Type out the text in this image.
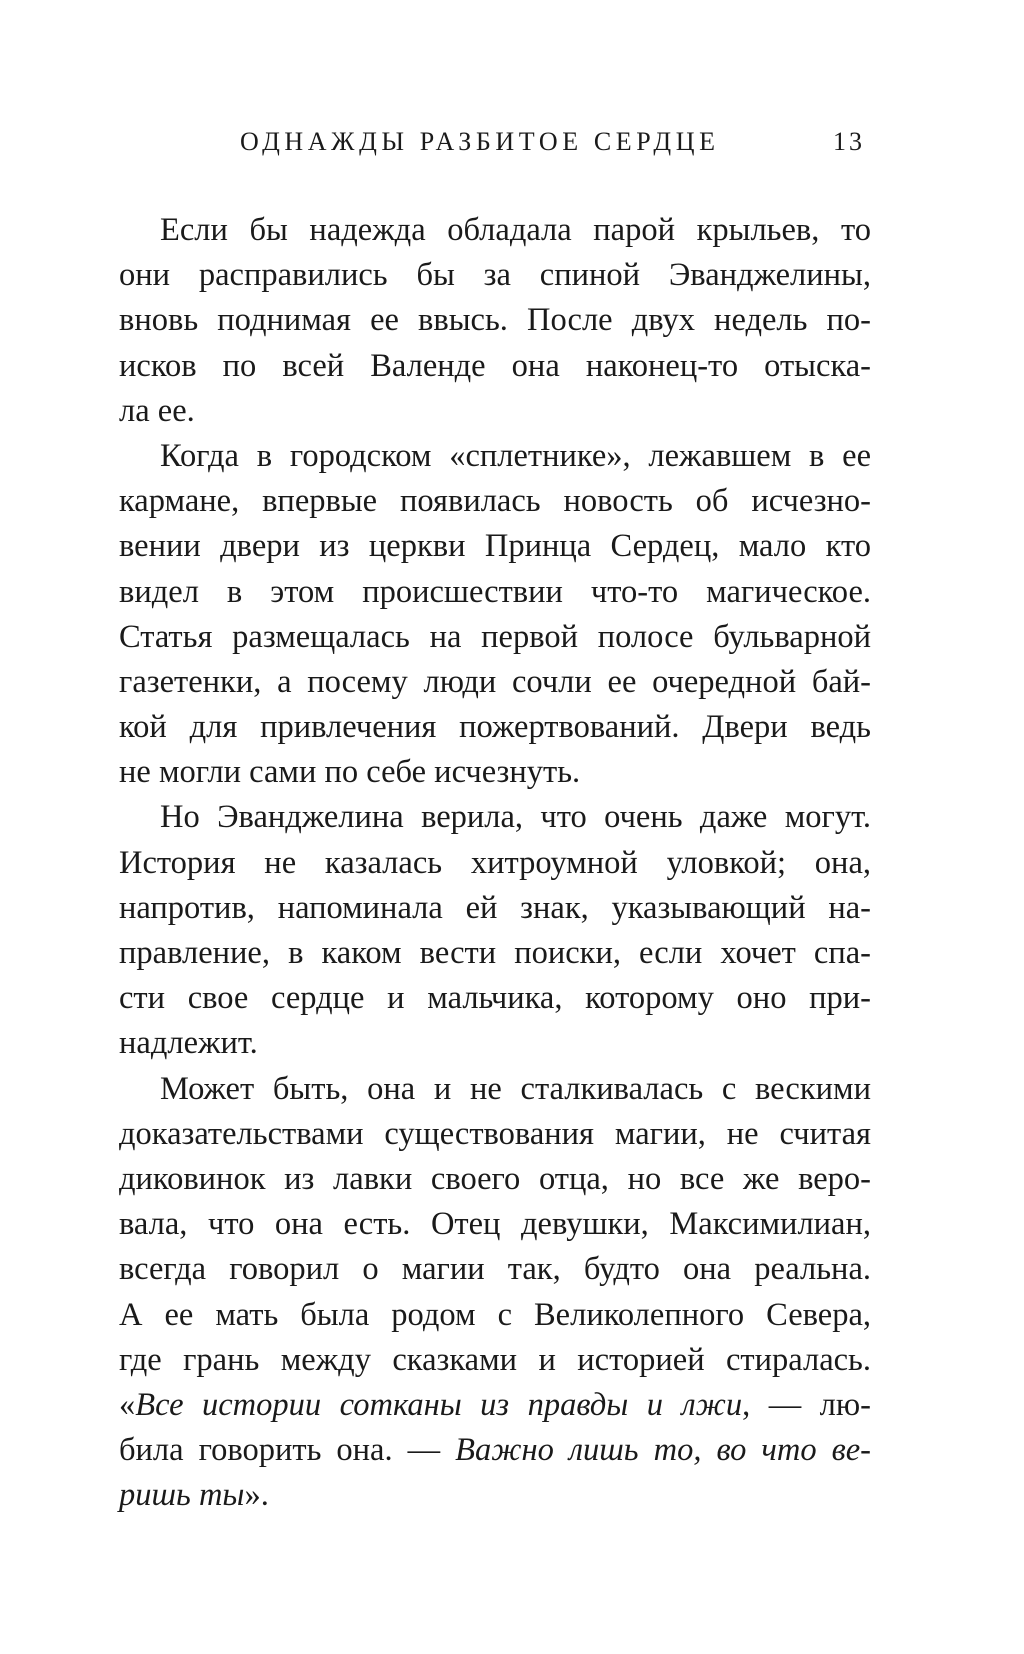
ОДНАЖДЫ РАЗБИТОЕ СЕРДЦЕ	13
Если бы надежда обладала парой крыльев, то
они расправились бы за спиной Эванджелины,
вновь поднимая ее ввысь. После двух недель по-
исков по всей Валенде она наконец-то отыска-
ла ее.
Когда в городском «сплетнике», лежавшем в ее
кармане, впервые появилась новость об исчезно-
вении двери из церкви Принца Сердец, мало кто
видел в этом происшествии что-то магическое.
Статья размещалась на первой полосе бульварной
газетенки, а посему люди сочли ее очередной бай-
кой для привлечения пожертвований. Двери ведь
не могли сами по себе исчезнуть.
Но Эванджелина верила, что очень даже могут.
История не казалась хитроумной уловкой; она,
напротив, напоминала ей знак, указывающий на-
правление, в каком вести поиски, если хочет спа-
сти свое сердце и мальчика, которому оно при-
надлежит.
Может быть, она и не сталкивалась с вескими
доказательствами существования магии, не считая
диковинок из лавки своего отца, но все же веро-
вала, что она есть. Отец девушки, Максимилиан,
всегда говорил о магии так, будто она реальна.
А ее мать была родом с Великолепного Севера,
где грань между сказками и историей стиралась.
«Все истории сотканы из правды и лжи, — лю-
била говорить она. — Важно лишь то, во что ве-
ришь ты».
